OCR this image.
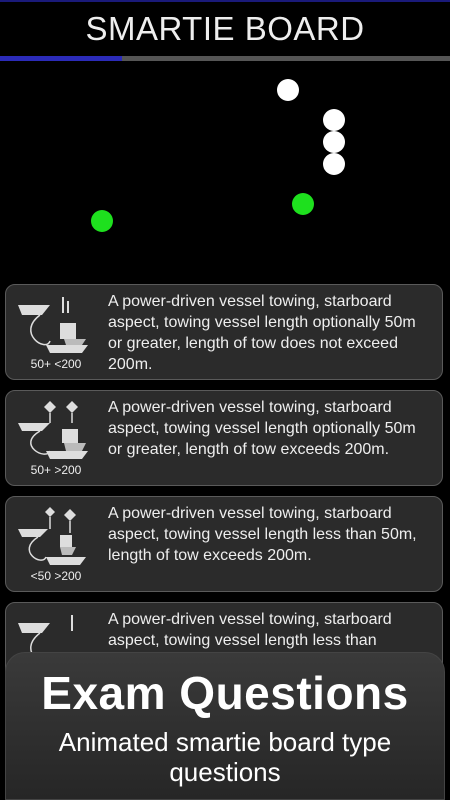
SMARTIE BOARD
50+ <200
A power-driven vessel towing, starboard aspect, towing vessel length optionally 50m or greater, length of tow does not exceed 200m.
50+ >200
A power-driven vessel towing, starboard aspect, towing vessel length optionally 50m or greater, length of tow exceeds 200m.
<50 >200
A power-driven vessel towing, starboard aspect, towing vessel length less than 50m, length of tow exceeds 200m.
A power-driven vessel towing, starboard aspect, towing vessel length less than
Exam Questions
Animated smartie board type questions
